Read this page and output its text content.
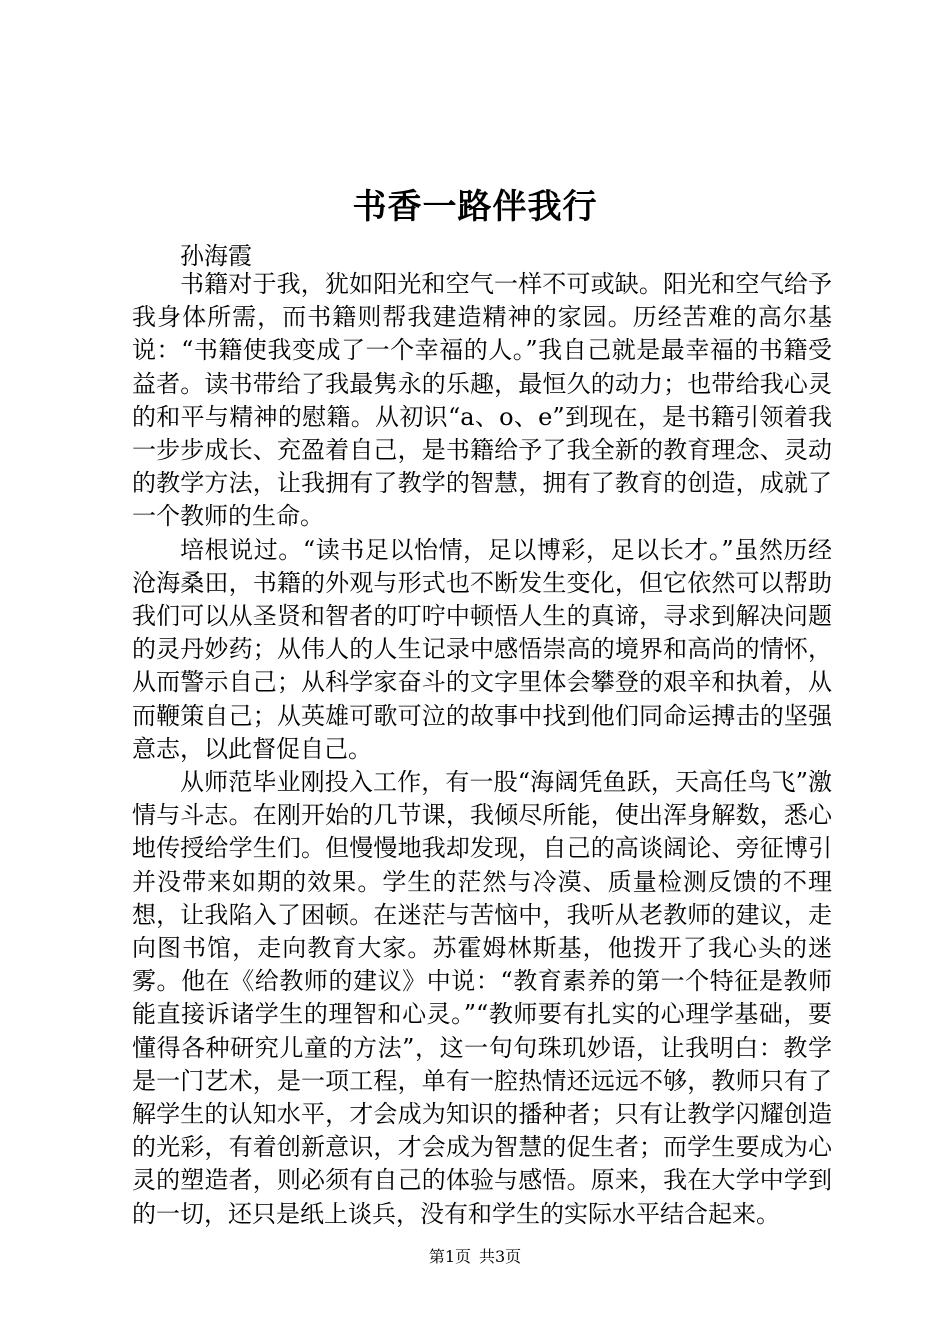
书香一路伴我行
孙海霞

书籍对于我，犹如阳光和空气一样不可或缺。阳光和空气给予我身体所需，而书籍则帮我建造精神的家园。历经苦难的高尔基说：“书籍使我变成了一个幸福的人。”我自己就是最幸福的书籍受益者。读书带给了我最隽永的乐趣，最恒久的动力；也带给我心灵的和平与精神的慰籍。从初识“a、o、e”到现在，是书籍引领着我一步步成长、充盈着自己，是书籍给予了我全新的教育理念、灵动的教学方法，让我拥有了教学的智慧，拥有了教育的创造，成就了一个教师的生命。

培根说过。“读书足以怡情，足以博彩，足以长才。”虽然历经沧海桑田，书籍的外观与形式也不断发生变化，但它依然可以帮助我们可以从圣贤和智者的叮咛中顿悟人生的真谛，寻求到解决问题的灵丹妙药；从伟人的人生记录中感悟崇高的境界和高尚的情怀，从而警示自己；从科学家奋斗的文字里体会攀登的艰辛和执着，从而鞭策自己；从英雄可歌可泣的故事中找到他们同命运搏击的坚强意志，以此督促自己。

从师范毕业刚投入工作，有一股“海阔凭鱼跃，天高任鸟飞”激情与斗志。在刚开始的几节课，我倾尽所能，使出浑身解数，悉心地传授给学生们。但慢慢地我却发现，自己的高谈阔论、旁征博引并没带来如期的效果。学生的茫然与冷漠、质量检测反馈的不理想，让我陷入了困顿。在迷茫与苦恼中，我听从老教师的建议，走向图书馆，走向教育大家。苏霍姆林斯基，他拨开了我心头的迷雾。他在《给教师的建议》中说：“教育素养的第一个特征是教师能直接诉诸学生的理智和心灵。”“教师要有扎实的心理学基础，要懂得各种研究儿童的方法”，这一句句珠玑妙语，让我明白：教学是一门艺术，是一项工程，单有一腔热情还远远不够，教师只有了解学生的认知水平，才会成为知识的播种者；只有让教学闪耀创造的光彩，有着创新意识，才会成为智慧的促生者；而学生要成为心灵的塑造者，则必须有自己的体验与感悟。原来，我在大学中学到的一切，还只是纸上谈兵，没有和学生的实际水平结合起来。

第1页 共3页
